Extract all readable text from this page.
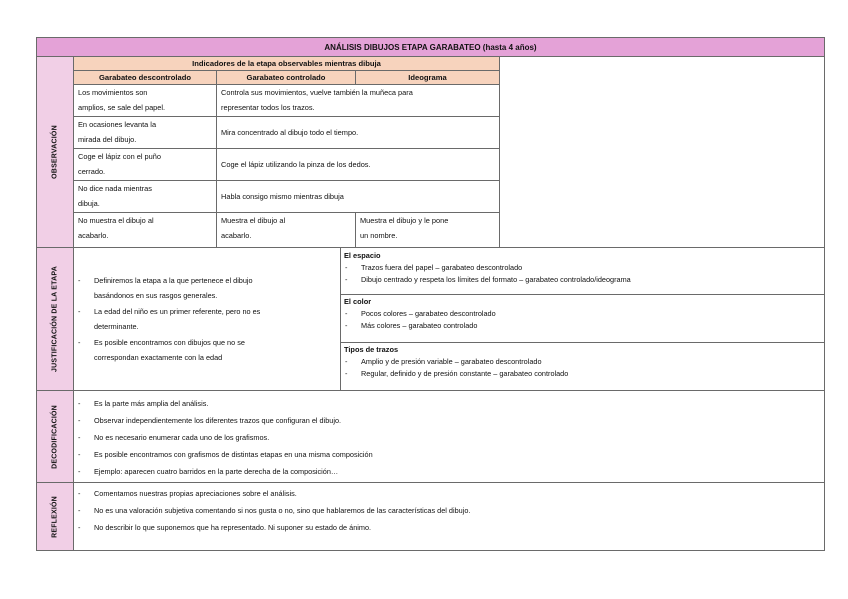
ANÁLISIS DIBUJOS ETAPA GARABATEO (hasta 4 años)
OBSERVACIÓN
Indicadores de la etapa observables mientras dibuja
Garabateo descontrolado	Garabateo controlado	Ideograma
Los movimientos son
amplios, se sale del papel.
Controla sus movimientos, vuelve también la muñeca para
representar todos los trazos.
En ocasiones levanta la
mirada del dibujo.
Mira concentrado al dibujo todo el tiempo.
Coge el lápiz con el puño
cerrado.
Coge el lápiz utilizando la pinza de los dedos.
No dice nada mientras
dibuja.
Habla consigo mismo mientras dibuja
No muestra el dibujo al
acabarlo.
Muestra el dibujo al
acabarlo.
Muestra el dibujo y le pone
un nombre.
JUSTIFICACIÓN DE LA ETAPA
-	Definiremos la etapa a la que pertenece el dibujo
basándonos en sus rasgos generales.
- La edad del niño es un primer referente, pero no es
determinante.
- Es posible encontramos con dibujos que no se
correspondan exactamente con la edad
El espacio
- Trazos fuera del papel – garabateo descontrolado
- Dibujo centrado y respeta los límites del formato – garabateo controlado/ideograma
El color
- Pocos colores – garabateo descontrolado
- Más colores – garabateo controlado
Tipos de trazos
- Amplio y de presión variable – garabateo descontrolado
- Regular, definido y de presión constante – garabateo controlado
DECODIFICACIÓN
- Es la parte más amplia del análisis.
- Observar independientemente los diferentes trazos que configuran el dibujo.
- No es necesario enumerar cada uno de los grafismos.
- Es posible encontramos con grafismos de distintas etapas en una misma composición
- Ejemplo: aparecen cuatro barridos en la parte derecha de la composición…
REFLEXIÓN
- Comentamos nuestras propias apreciaciones sobre el análisis.
- No es una valoración subjetiva comentando si nos gusta o no, sino que hablaremos de las características del dibujo.
- No describir lo que suponemos que ha representado. Ni suponer su estado de ánimo.
